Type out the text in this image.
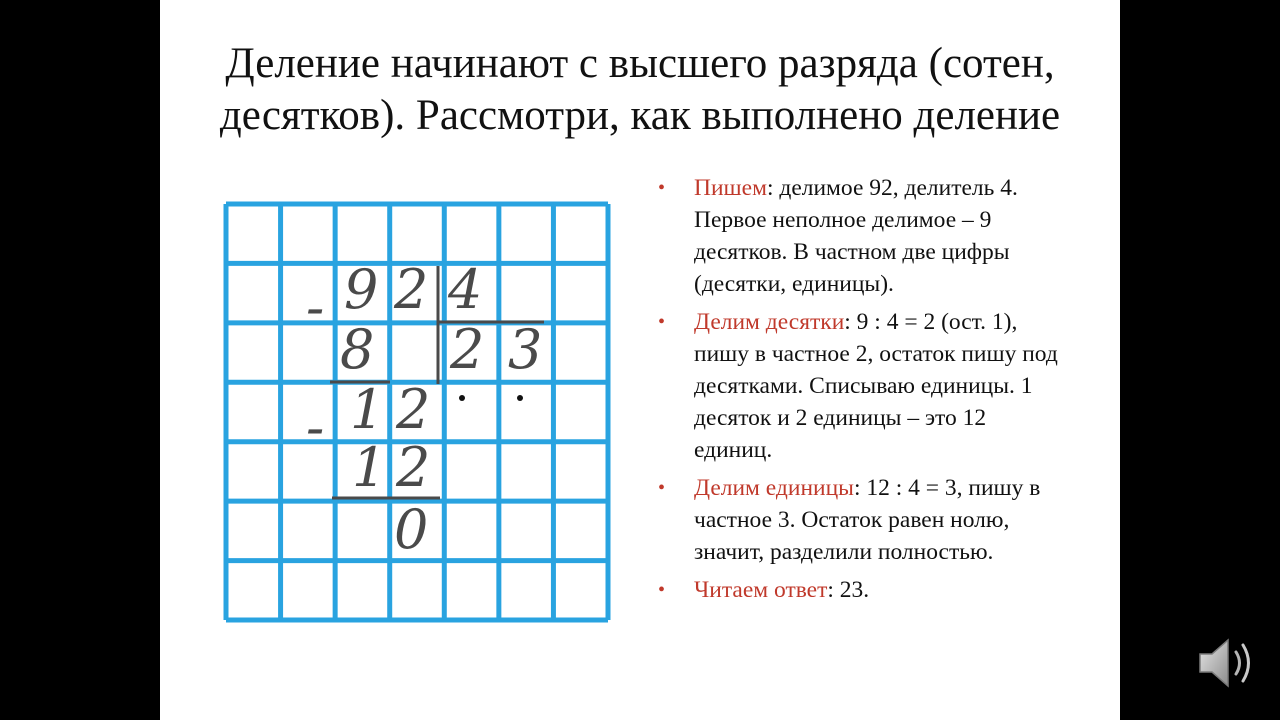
Деление начинают с высшего разряда (сотен,
десятков). Рассмотри, как выполнено деление
9 2 4
-
8 2 3
1 2
-
1 2
0
• Пишем: делимое 92, делитель 4. Первое неполное делимое – 9 десятков. В частном две цифры (десятки, единицы).
• Делим десятки: 9 : 4 = 2 (ост. 1), пишу в частное 2, остаток пишу под десятками. Списываю единицы. 1 десяток и 2 единицы – это 12 единиц.
• Делим единицы: 12 : 4 = 3, пишу в частное 3. Остаток равен нолю, значит, разделили полностью.
• Читаем ответ: 23.
